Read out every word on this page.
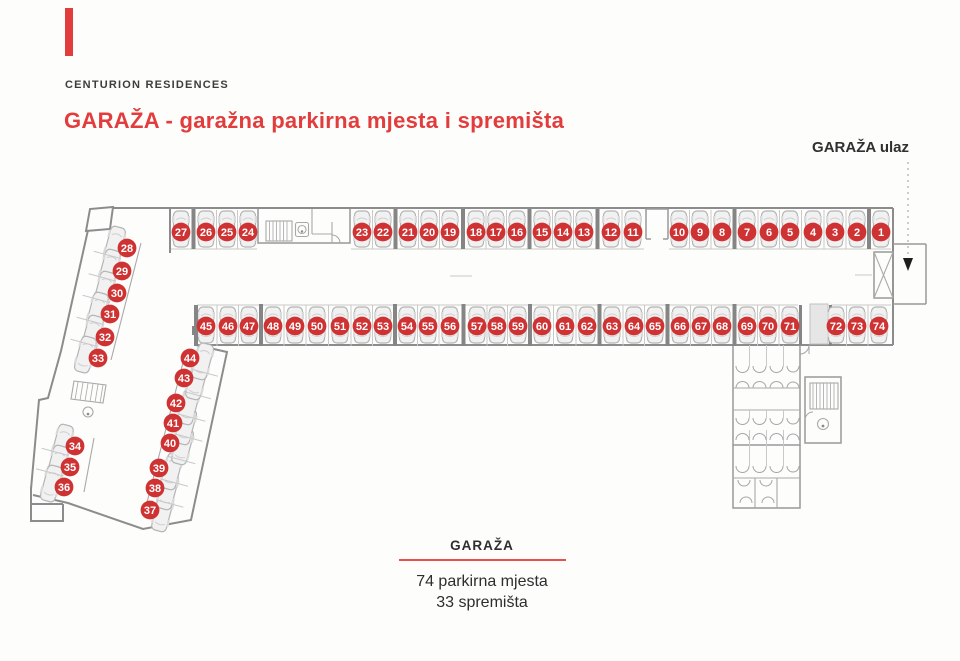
CENTURION RESIDENCES
GARAŽA - garažna parkirna mjesta i spremišta
GARAŽA ulaz
27 26 25 24	23 22 21 20 19 18 17 16 15 14 13 12 11	10 9 8 7 6 5 4 3 2 1
45 46 47 48 49 50 51 52 53 54 55 56 57 58 59 60 61 62 63 64 65 66 67 68 69 70 71	72 73 74
28
29
30
31
32
33
34
35
36
37
38
39
40
41
42
43
44
GARAŽA
74 parkirna mjesta
33 spremišta
